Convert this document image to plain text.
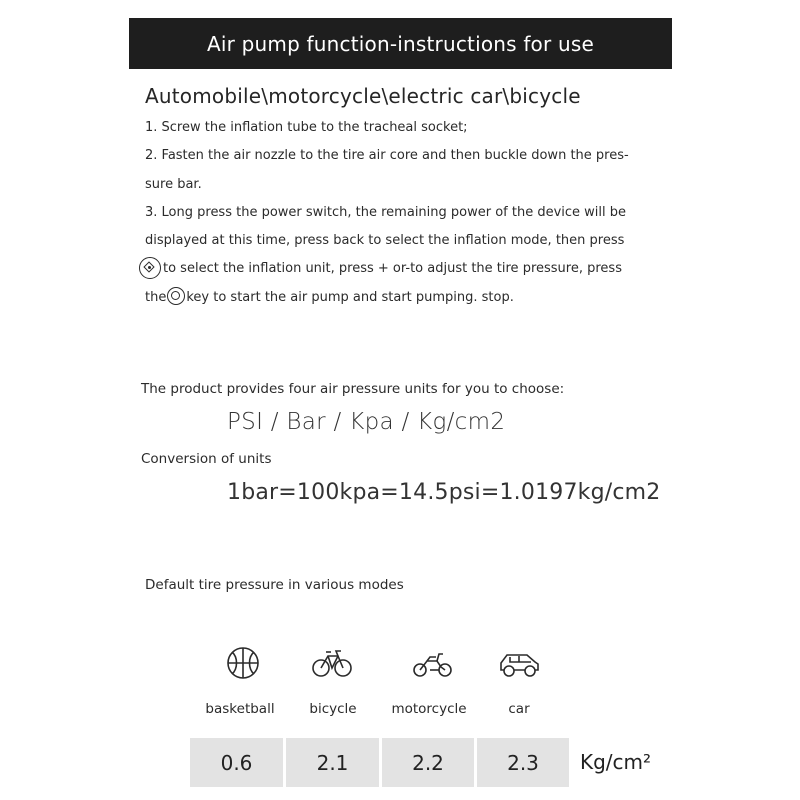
Air pump function-instructions for use
Automobile\motorcycle\electric car\bicycle

1. Screw the inflation tube to the tracheal socket;

2. Fasten the air nozzle to the tire air core and then buckle down the pres-

sure bar.

3. Long press the power switch, the remaining power of the device will be

displayed at this time, press back to select the inflation mode, then press

to select the inflation unit, press + or-to adjust the tire pressure, press

the key to start the air pump and start pumping. stop.

The product provides four air pressure units for you to choose:
PSI / Bar / Kpa / Kg/cm2
Conversion of units
1bar=100kpa=14.5psi=1.0197kg/cm2
Default tire pressure in various modes
basketball	bicycle	motorcycle	car
0.6	2.1	2.2	2.3	Kg/cm²
